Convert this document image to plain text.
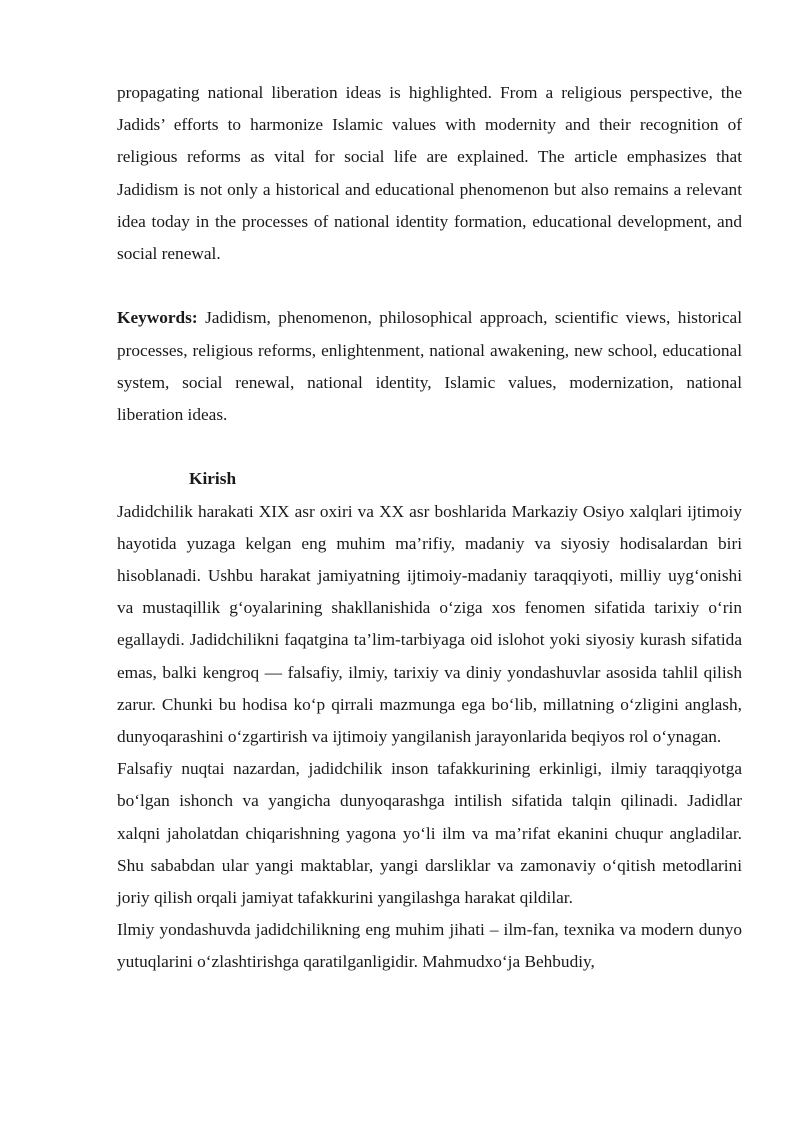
propagating national liberation ideas is highlighted. From a religious perspective, the Jadids’ efforts to harmonize Islamic values with modernity and their recognition of religious reforms as vital for social life are explained. The article emphasizes that Jadidism is not only a historical and educational phenomenon but also remains a relevant idea today in the processes of national identity formation, educational development, and social renewal.

Keywords: Jadidism, phenomenon, philosophical approach, scientific views, historical processes, religious reforms, enlightenment, national awakening, new school, educational system, social renewal, national identity, Islamic values, modernization, national liberation ideas.

Kirish

Jadidchilik harakati XIX asr oxiri va XX asr boshlarida Markaziy Osiyo xalqlari ijtimoiy hayotida yuzaga kelgan eng muhim ma’rifiy, madaniy va siyosiy hodisalardan biri hisoblanadi. Ushbu harakat jamiyatning ijtimoiy-madaniy taraqqiyoti, milliy uygʻonishi va mustaqillik gʻoyalarining shakllanishida oʻziga xos fenomen sifatida tarixiy oʻrin egallaydi. Jadidchilikni faqatgina ta’lim-tarbiyaga oid islohot yoki siyosiy kurash sifatida emas, balki kengroq — falsafiy, ilmiy, tarixiy va diniy yondashuvlar asosida tahlil qilish zarur. Chunki bu hodisa koʻp qirrali mazmunga ega boʻlib, millatning oʻzligini anglash, dunyoqarashini oʻzgartirish va ijtimoiy yangilanish jarayonlarida beqiyos rol oʻynagan.

Falsafiy nuqtai nazardan, jadidchilik inson tafakkurining erkinligi, ilmiy taraqqiyotga boʻlgan ishonch va yangicha dunyoqarashga intilish sifatida talqin qilinadi. Jadidlar xalqni jaholatdan chiqarishning yagona yoʻli ilm va ma’rifat ekanini chuqur angladilar. Shu sababdan ular yangi maktablar, yangi darsliklar va zamonaviy oʻqitish metodlarini joriy qilish orqali jamiyat tafakkurini yangilashga harakat qildilar.

Ilmiy yondashuvda jadidchilikning eng muhim jihati – ilm-fan, texnika va modern dunyo yutuqlarini oʻzlashtirishga qaratilganligidir. Mahmudxoʻja Behbudiy,
